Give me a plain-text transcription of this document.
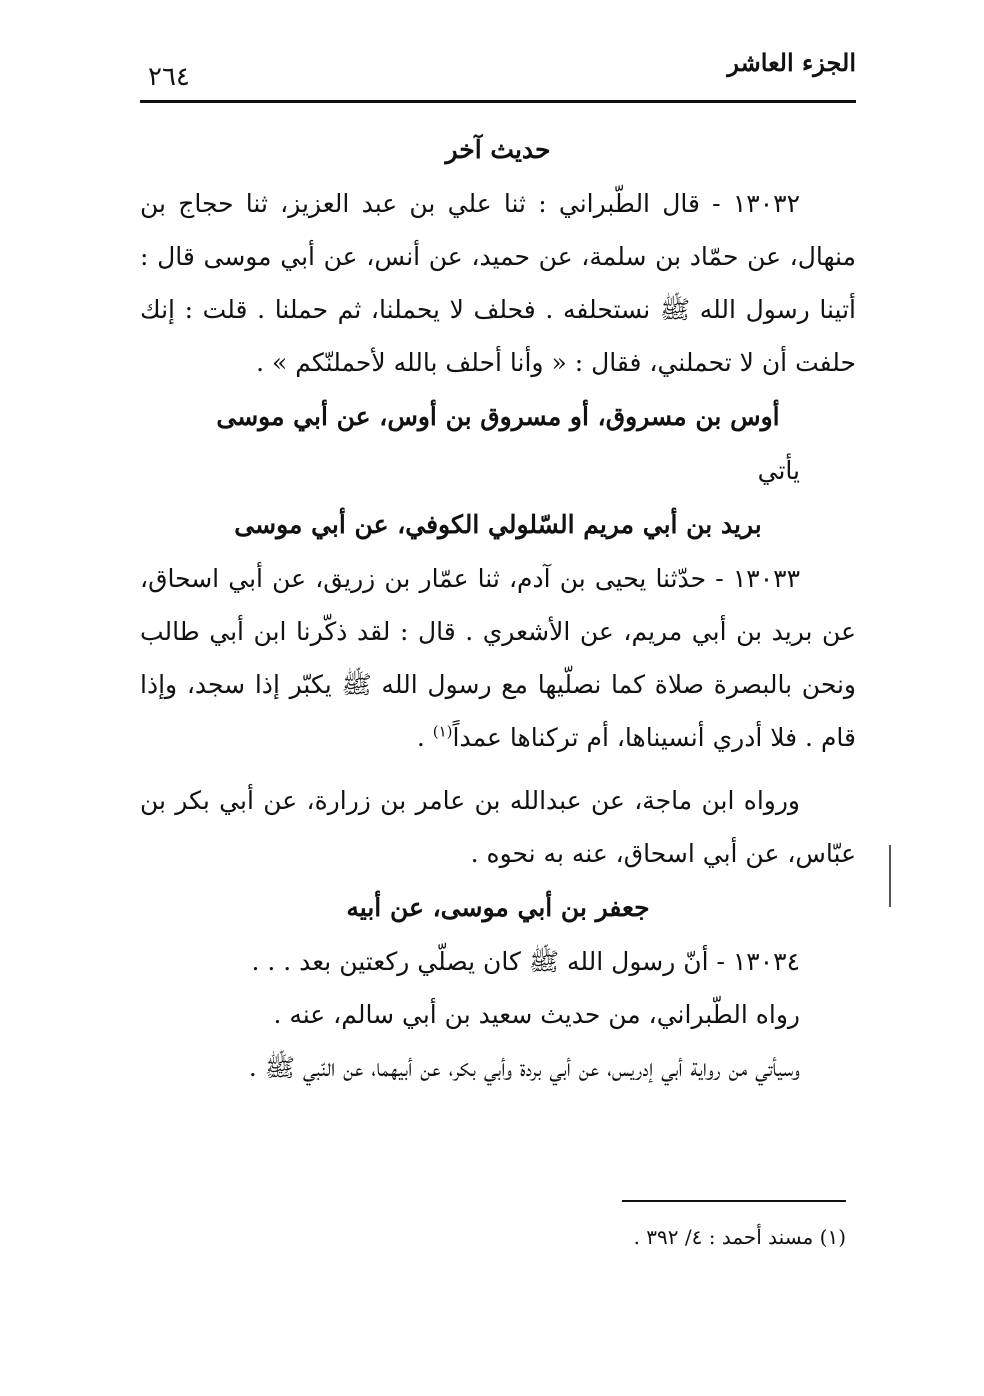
الجزء العاشر
٢٦٤
حديث آخر

١٣٠٣٢ - قال الطّبراني : ثنا علي بن عبد العزيز، ثنا حجاج بن منهال، عن حمّاد بن سلمة، عن حميد، عن أنس، عن أبي موسى قال : أتينا رسول الله ﷺ نستحلفه . فحلف لا يحملنا، ثم حملنا . قلت : إنك حلفت أن لا تحملني، فقال : « وأنا أحلف بالله لأحملنّكم » .

أوس بن مسروق، أو مسروق بن أوس، عن أبي موسى

يأتي

بريد بن أبي مريم السّلولي الكوفي، عن أبي موسى

١٣٠٣٣ - حدّثنا يحيى بن آدم، ثنا عمّار بن زريق، عن أبي اسحاق، عن بريد بن أبي مريم، عن الأشعري . قال : لقد ذكّرنا ابن أبي طالب ونحن بالبصرة صلاة كما نصلّيها مع رسول الله ﷺ يكبّر إذا سجد، وإذا قام . فلا أدري أنسيناها، أم تركناها عمداً$^{(١)}$ .

ورواه ابن ماجة، عن عبدالله بن عامر بن زرارة، عن أبي بكر بن عبّاس، عن أبي اسحاق، عنه به نحوه .

جعفر بن أبي موسى، عن أبيه

١٣٠٣٤ - أنّ رسول الله ﷺ كان يصلّي ركعتين بعد . . .

رواه الطّبراني، من حديث سعيد بن أبي سالم، عنه .

وسيأتي من رواية أبي إدريس، عن أبي بردة وأبي بكر، عن أبيهما، عن النّبي ﷺ .

(١) مسند أحمد : ٤/ ٣٩٢ .
